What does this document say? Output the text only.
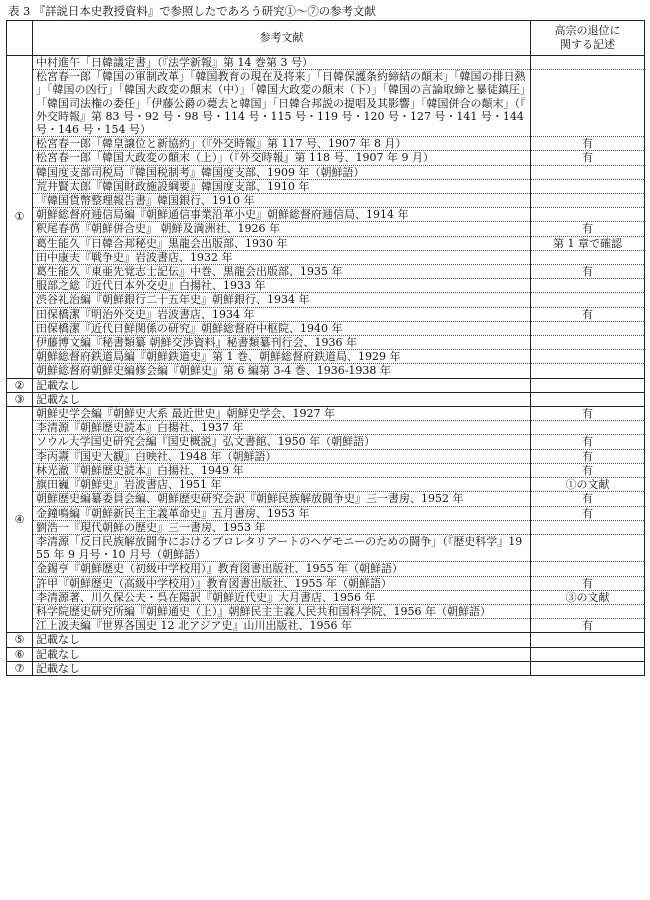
表 3 『詳説日本史教授資料』で参照したであろう研究①〜⑦の参考文献
	参考文献	高宗の退位に
関する記述
①	中村進午「日韓議定書」（『法学新報』第 14 巻第 3 号）	
	松宮春一郎「韓国の軍制改革」「韓国教育の現在及将来」「日韓保護条約締結の顛末」「韓国の排日熱」「韓国の凶行」「韓国大政変の顛末（中）」「韓国大政変の顛末（下）」「韓国の言論取締と暴徒鎮圧」「韓国司法権の委任」「伊藤公爵の薨去と韓国」「日韓合邦説の提唱及其影響」「韓国併合の顛末」（『外交時報』第 83 号・92 号・98 号・114 号・115 号・119 号・120 号・127 号・141 号・144 号・146 号・154 号）	
	松宮春一郎「韓皇譲位と新協約」（『外交時報』第 117 号、1907 年 8 月）	有
	松宮春一郎「韓国大政変の顛末（上）」（『外交時報』第 118 号、1907 年 9 月）	有
	韓国度支部司税局『韓国税制考』韓国度支部、1909 年（朝鮮語）	
	荒井賢太郎『韓国財政施設綱要』韓国度支部、1910 年	
	『韓国貨幣整理報告書』韓国銀行、1910 年	
	朝鮮総督府逓信局編『朝鮮通信事業沿革小史』朝鮮総督府逓信局、1914 年	
	釈尾春芿『朝鮮併合史』 朝鮮及満洲社、1926 年	有
	葛生能久『日韓合邦秘史』黒龍会出版部、1930 年	第 1 章で確認
	田中康夫『戦争史』岩波書店、1932 年	
	葛生能久『東亜先覚志士記伝』中巻、黒龍会出版部、1935 年	有
	服部之総『近代日本外交史』白揚社、1933 年	
	渋谷礼治編『朝鮮銀行二十五年史』朝鮮銀行、1934 年	
	田保橋潔『明治外交史』岩波書店、1934 年	有
	田保橋潔『近代日鮮関係の研究』朝鮮総督府中枢院、1940 年	
	伊藤博文編『秘書類纂 朝鮮交渉資料』秘書類纂刊行会、1936 年	
	朝鮮総督府鉄道局編『朝鮮鉄道史』第 1 巻、朝鮮総督府鉄道局、1929 年	
	朝鮮総督府朝鮮史編修会編『朝鮮史』第 6 編第 3-4 巻、1936-1938 年	
②	記載なし	
③	記載なし	
④	朝鮮史学会編『朝鮮史大系 最近世史』朝鮮史学会、1927 年	有
	李清源『朝鮮歴史読本』白揚社、1937 年	
	ソウル大学国史研究会編『国史概説』弘文書館、1950 年（朝鮮語）	有
	李丙燾『国史大観』白映社、1948 年（朝鮮語）	有
	林光澈『朝鮮歴史読本』白揚社、1949 年	有
	旗田巍『朝鮮史』岩波書店、1951 年	①の文献
	朝鮮歴史編纂委員会編、朝鮮歴史研究会訳『朝鮮民族解放闘争史』三一書房、1952 年	有
	金鐘鳴編『朝鮮新民主主義革命史』五月書房、1953 年	有
	劉浩一『現代朝鮮の歴史』三一書房、1953 年	
	李清源「反日民族解放闘争におけるプロレタリアートのヘゲモニーのための闘争」（『歴史科学』1955 年 9 月号・10 月号（朝鮮語）	
	金錫亨『朝鮮歴史（初級中学校用）』教育図書出版社、1955 年（朝鮮語）	
	許甲『朝鮮歴史（高級中学校用）』教育図書出版社、1955 年（朝鮮語）	有
	李清源著、川久保公夫・呉在陽訳『朝鮮近代史』大月書店、1956 年	③の文献
	科学院歴史研究所編『朝鮮通史（上）』朝鮮民主主義人民共和国科学院、1956 年（朝鮮語）	
	江上波夫編『世界各国史 12 北アジア史』山川出版社、1956 年	有
⑤	記載なし	
⑥	記載なし	
⑦	記載なし	
